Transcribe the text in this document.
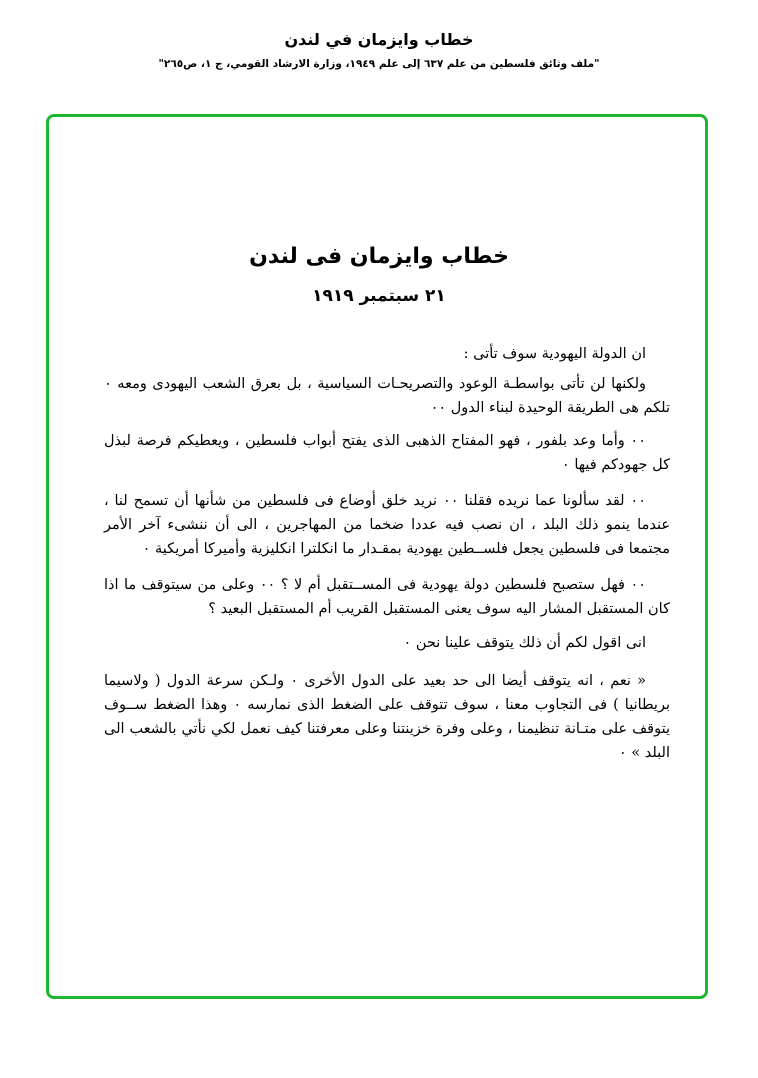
خطاب وايزمان في لندن
"ملف وثائق فلسطين من علم ٦٣٧ إلى علم ١٩٤٩، وزارة الارشاد القومي، ج ١، ص٢٦٥"
خطاب وايزمان فى لندن
٢١ سبتمبر ١٩١٩

ان الدولة اليهودية سوف تأتى :

ولكنها لن تأتى بواسطـة الوعود والتصريحـات السياسية ، بل بعرق الشعب اليهودى ومعه ٠ تلكم هى الطريقة الوحيدة لبناء الدول ٠٠

٠٠ وأما وعد بلفور ، فهو المفتاح الذهبى الذى يفتح أبواب فلسطين ، ويعطيكم فرصة لبذل كل جهودكم فيها ٠

٠٠ لقد سألونا عما نريده فقلنا ٠٠ نريد خلق أوضاع فى فلسطين من شأنها أن تسمح لنا ، عندما ينمو ذلك البلد ، ان نصب فيه عددا ضخما من المهاجرين ، الى أن ننشىء آخر الأمر مجتمعا فى فلسطين يجعل فلســطين يهودية بمقـدار ما انكلترا انكليزية وأميركا أمريكية ٠

٠٠ فهل ستصبح فلسطين دولة يهودية فى المســتقبل أم لا ؟ ٠٠ وعلى من سيتوقف ما اذا كان المستقبل المشار اليه سوف يعنى المستقبل القريب أم المستقبل البعيد ؟

انى اقول لكم أن ذلك يتوقف علينا نحن ٠

« نعم ، انه يتوقف أيضا الى حد بعيد على الدول الأخرى ٠ ولـكن سرعة الدول ( ولاسيما بريطانيا ) فى التجاوب معنا ، سوف تتوقف على الضغط الذى نمارسه ٠ وهذا الضغط ســوف يتوقف على متـانة تنظيمنا ، وعلى وفرة خزينتنا وعلى معرفتنا كيف نعمل لكي نأتي بالشعب الى البلد » ٠
